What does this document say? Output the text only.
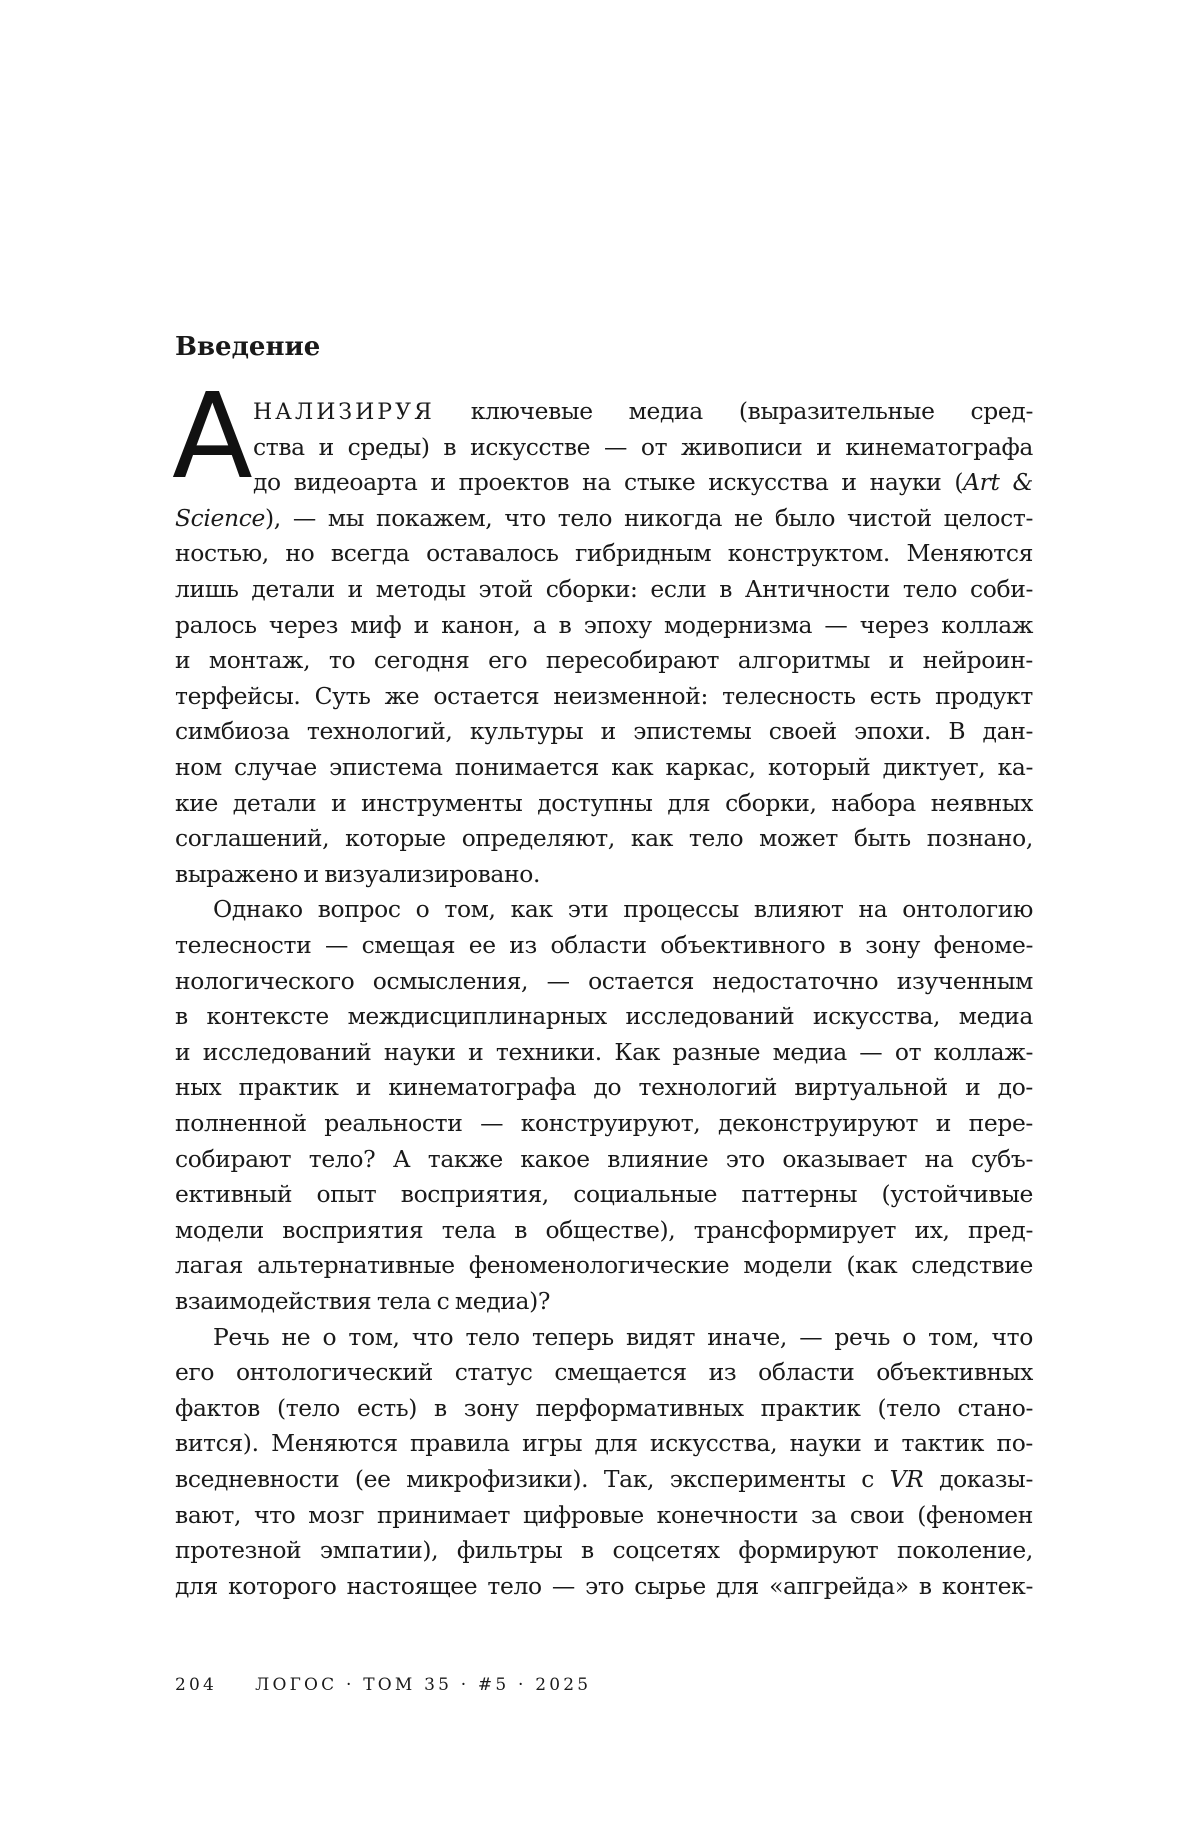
Введение
А НАЛИЗИРУЯ ключевые медиа (выразительные сред-
ства и среды) в искусстве — от живописи и кинематографа
до видеоарта и проектов на стыке искусства и науки (Art &
Science), — мы покажем, что тело никогда не было чистой целост-
ностью, но всегда оставалось гибридным конструктом. Меняются
лишь детали и методы этой сборки: если в Античности тело соби-
ралось через миф и канон, а в эпоху модернизма — через коллаж
и монтаж, то сегодня его пересобирают алгоритмы и нейроин-
терфейсы. Суть же остается неизменной: телесность есть продукт
симбиоза технологий, культуры и эпистемы своей эпохи. В дан-
ном случае эпистема понимается как каркас, который диктует, ка-
кие детали и инструменты доступны для сборки, набора неявных
соглашений, которые определяют, как тело может быть познано,
выражено и визуализировано.
Однако вопрос о том, как эти процессы влияют на онтологию
телесности — смещая ее из области объективного в зону феноме-
нологического осмысления, — остается недостаточно изученным
в контексте междисциплинарных исследований искусства, медиа
и исследований науки и техники. Как разные медиа — от коллаж-
ных практик и кинематографа до технологий виртуальной и до-
полненной реальности — конструируют, деконструируют и пере-
собирают тело? А также какое влияние это оказывает на субъ-
ективный опыт восприятия, социальные паттерны (устойчивые
модели восприятия тела в обществе), трансформирует их, пред-
лагая альтернативные феноменологические модели (как следствие
взаимодействия тела с медиа)?
Речь не о том, что тело теперь видят иначе, — речь о том, что
его онтологический статус смещается из области объективных
фактов (тело есть) в зону перформативных практик (тело стано-
вится). Меняются правила игры для искусства, науки и тактик по-
вседневности (ее микрофизики). Так, эксперименты с VR доказы-
вают, что мозг принимает цифровые конечности за свои (феномен
протезной эмпатии), фильтры в соцсетях формируют поколение,
для которого настоящее тело — это сырье для «апгрейда» в контек-
204 ЛОГОС · ТОМ 35 · #5 · 2025
